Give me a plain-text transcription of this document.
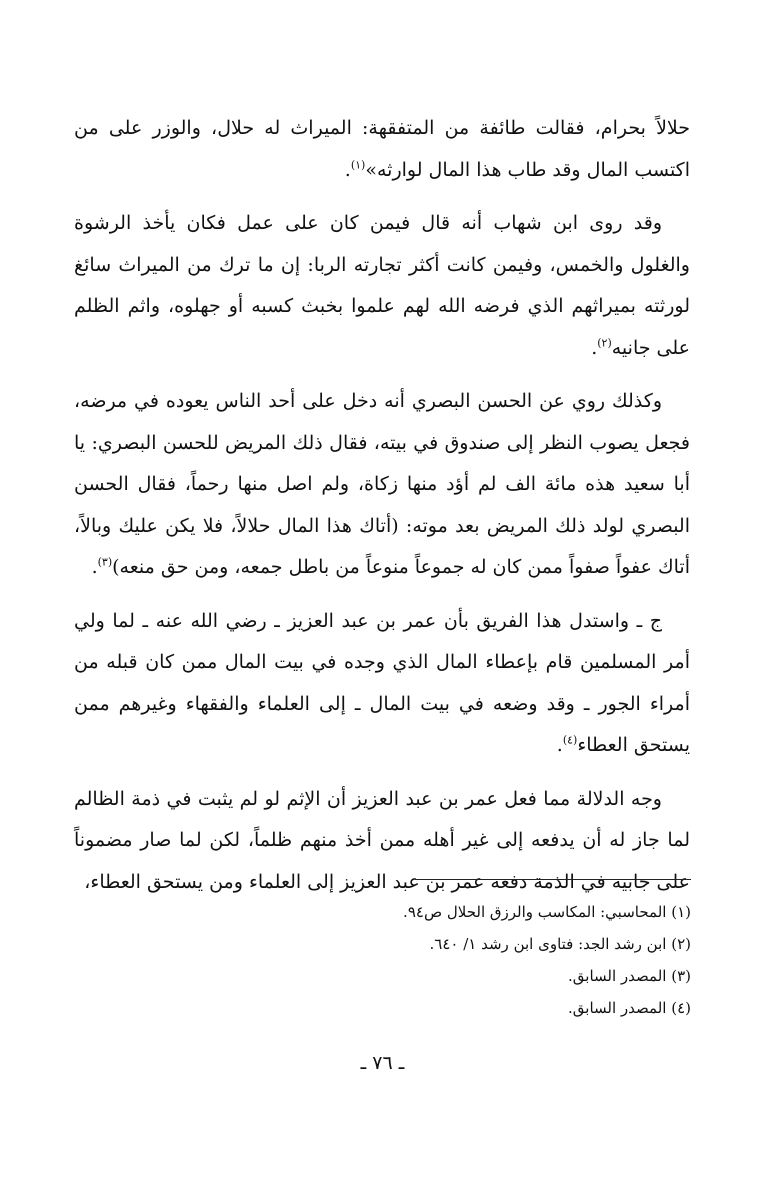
حلالاً بحرام، فقالت طائفة من المتفقهة: الميراث له حلال، والوزر على من اكتسب المال وقد طاب هذا المال لوارثه»$^{(١)}$.

وقد روى ابن شهاب أنه قال فيمن كان على عمل فكان يأخذ الرشوة والغلول والخمس، وفيمن كانت أكثر تجارته الربا: إن ما ترك من الميراث سائغ لورثته بميراثهم الذي فرضه الله لهم علموا بخبث كسبه أو جهلوه، واثم الظلم على جانيه$^{(٢)}$.

وكذلك روي عن الحسن البصري أنه دخل على أحد الناس يعوده في مرضه، فجعل يصوب النظر إلى صندوق في بيته، فقال ذلك المريض للحسن البصري: يا أبا سعيد هذه مائة الف لم أؤد منها زكاة، ولم اصل منها رحماً، فقال الحسن البصري لولد ذلك المريض بعد موته: (أتاك هذا المال حلالاً، فلا يكن عليك وبالاً، أتاك عفواً صفواً ممن كان له جموعاً منوعاً من باطل جمعه، ومن حق منعه)$^{(٣)}$.

ج ـ واستدل هذا الفريق بأن عمر بن عبد العزيز ـ رضي الله عنه ـ لما ولي أمر المسلمين قام بإعطاء المال الذي وجده في بيت المال ممن كان قبله من أمراء الجور ـ وقد وضعه في بيت المال ـ إلى العلماء والفقهاء وغيرهم ممن يستحق العطاء$^{(٤)}$.

وجه الدلالة مما فعل عمر بن عبد العزيز أن الإثم لو لم يثبت في ذمة الظالم لما جاز له أن يدفعه إلى غير أهله ممن أخذ منهم ظلماً، لكن لما صار مضموناً على جابيه في الذمة دفعه عمر بن عبد العزيز إلى العلماء ومن يستحق العطاء،

(١) المحاسبي: المكاسب والرزق الحلال ص٩٤.

(٢) ابن رشد الجد: فتاوى ابن رشد ١/ ٦٤٠.

(٣) المصدر السابق.

(٤) المصدر السابق.

ـ ٧٦ ـ
